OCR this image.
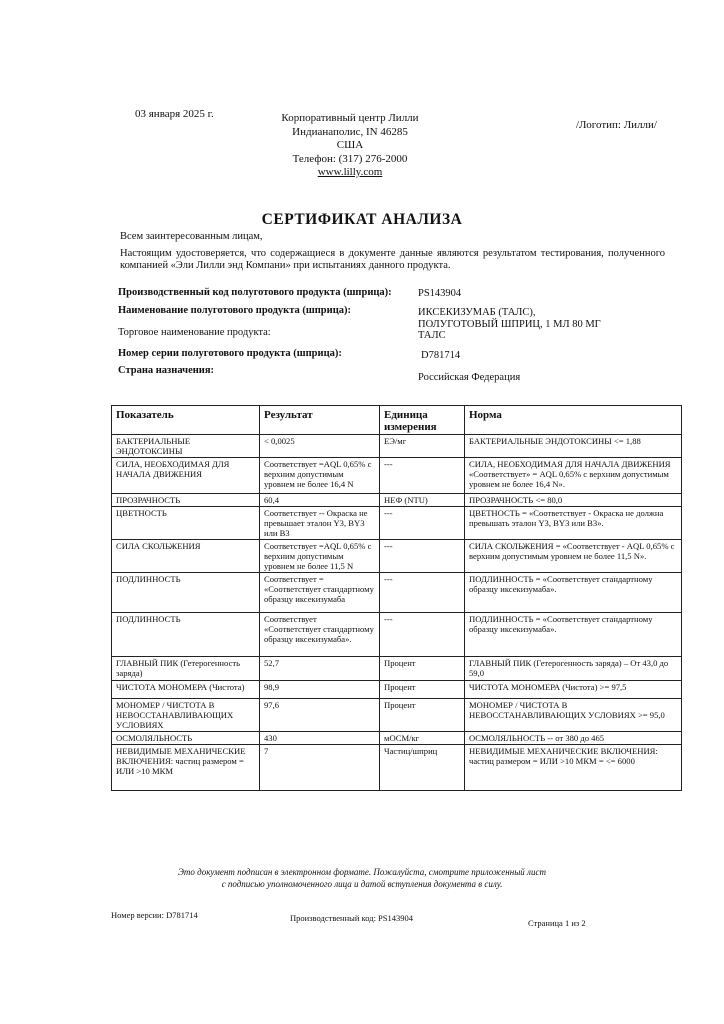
03 января 2025 г.	Корпоративный центр Лилли
Индианаполис, IN 46285
США
Телефон: (317) 276-2000
www.lilly.com
/Логотип: Лилли/
СЕРТИФИКАТ АНАЛИЗА
Всем заинтересованным лицам,
Настоящим удостоверяется, что содержащиеся в документе данные являются результатом тестирования, полученного компанией «Эли Лилли энд Компани» при испытаниях данного продукта.
Производственный код полуготового продукта (шприца):	PS143904
Наименование полуготового продукта (шприца):	ИКСЕКИЗУМАБ (ТАЛС),
ПОЛУГОТОВЫЙ ШПРИЦ, 1 МЛ 80 МГ
ТАЛС
Торговое наименование продукта:
Номер серии полуготового продукта (шприца):	D781714
Страна назначения:
Российская Федерация
Показатель	Результат	Единица измерения	Норма
БАКТЕРИАЛЬНЫЕ ЭНДОТОКСИНЫ	< 0,0025	ЕЭ/мг	БАКТЕРИАЛЬНЫЕ ЭНДОТОКСИНЫ <= 1,88
СИЛА, НЕОБХОДИМАЯ ДЛЯ НАЧАЛА ДВИЖЕНИЯ	Соответствует =AQL 0,65% с верхним допустимым уровнем не более 16,4 N	---	СИЛА, НЕОБХОДИМАЯ ДЛЯ НАЧАЛА ДВИЖЕНИЯ «Соответствует» = AQL 0,65% с верхним допустимым уровнем не более 16,4 N».
ПРОЗРАЧНОСТЬ	60,4	НЕФ (NTU)	ПРОЗРАЧНОСТЬ <= 80,0
ЦВЕТНОСТЬ	Соответствует -- Окраска не превышает эталон Y3, BY3 или B3	---	ЦВЕТНОСТЬ = «Соответствует - Окраска не должна превышать эталон Y3, BY3 или B3».
СИЛА СКОЛЬЖЕНИЯ	Соответствует =AQL 0,65% с верхним допустимым уровнем не более 11,5 N	---	СИЛА СКОЛЬЖЕНИЯ = «Соответствует - AQL 0,65% с верхним допустимым уровнем не более 11,5 N».
ПОДЛИННОСТЬ	Соответствует = «Соответствует стандартному образцу иксекизумаба	---	ПОДЛИННОСТЬ = «Соответствует стандартному образцу иксекизумаба».
ПОДЛИННОСТЬ	Соответствует «Соответствует стандартному образцу иксекизумаба».	---	ПОДЛИННОСТЬ = «Соответствует стандартному образцу иксекизумаба».
ГЛАВНЫЙ ПИК (Гетерогенность заряда)	52,7	Процент	ГЛАВНЫЙ ПИК (Гетерогенность заряда) – От 43,0 до 59,0
ЧИСТОТА МОНОМЕРА (Чистота)	98,9	Процент	ЧИСТОТА МОНОМЕРА (Чистота) >= 97,5
МОНОМЕР / ЧИСТОТА В НЕВОССТАНАВЛИВАЮЩИХ УСЛОВИЯХ	97,6	Процент	МОНОМЕР / ЧИСТОТА В НЕВОССТАНАВЛИВАЮЩИХ УСЛОВИЯХ >= 95,0
ОСМОЛЯЛЬНОСТЬ	430	мОСМ/кг	ОСМОЛЯЛЬНОСТЬ -- от 380 до 465
НЕВИДИМЫЕ МЕХАНИЧЕСКИЕ ВКЛЮЧЕНИЯ: частиц размером = ИЛИ >10 МКМ	7	Частиц/шприц	НЕВИДИМЫЕ МЕХАНИЧЕСКИЕ ВКЛЮЧЕНИЯ: частиц размером = ИЛИ >10 МКМ = <= 6000
Это документ подписан в электронном формате. Пожалуйста, смотрите приложенный лист
с подписью уполномоченного лица и датой вступления документа в силу.
Номер версии: D781714	Производственный код: PS143904	Страница 1 из 2
